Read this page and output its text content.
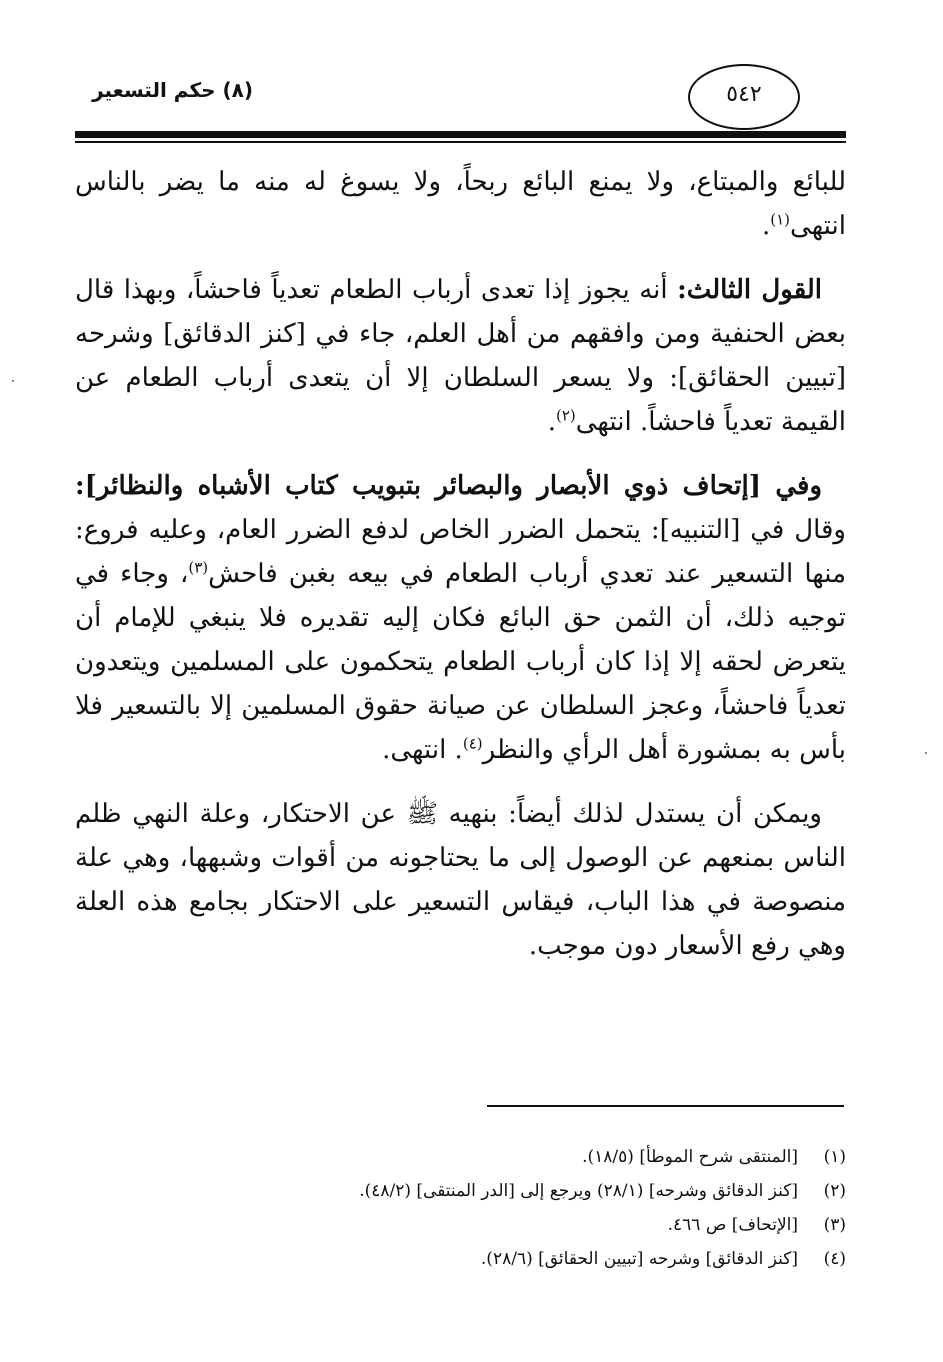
(٨) حكم التسعير	٥٤٢

للبائع والمبتاع، ولا يمنع البائع ربحاً، ولا يسوغ له منه ما يضر بالناس انتهى$^{(١)}$.

القول الثالث: أنه يجوز إذا تعدى أرباب الطعام تعدياً فاحشاً، وبهذا قال بعض الحنفية ومن وافقهم من أهل العلم، جاء في [كنز الدقائق] وشرحه [تبيين الحقائق]: ولا يسعر السلطان إلا أن يتعدى أرباب الطعام عن القيمة تعدياً فاحشاً. انتهى$^{(٢)}$.

وفي [إتحاف ذوي الأبصار والبصائر بتبويب كتاب الأشباه والنظائر]: وقال في [التنبيه]: يتحمل الضرر الخاص لدفع الضرر العام، وعليه فروع: منها التسعير عند تعدي أرباب الطعام في بيعه بغبن فاحش$^{(٣)}$، وجاء في توجيه ذلك، أن الثمن حق البائع فكان إليه تقديره فلا ينبغي للإمام أن يتعرض لحقه إلا إذا كان أرباب الطعام يتحكمون على المسلمين ويتعدون تعدياً فاحشاً، وعجز السلطان عن صيانة حقوق المسلمين إلا بالتسعير فلا بأس به بمشورة أهل الرأي والنظر$^{(٤)}$. انتهى.

ويمكن أن يستدل لذلك أيضاً: بنهيه ﷺ عن الاحتكار، وعلة النهي ظلم الناس بمنعهم عن الوصول إلى ما يحتاجونه من أقوات وشبهها، وهي علة منصوصة في هذا الباب، فيقاس التسعير على الاحتكار بجامع هذه العلة وهي رفع الأسعار دون موجب.

(١)
[المنتقى شرح الموطأ] (١٨/٥).
(٢)
[كنز الدقائق وشرحه] (٢٨/١) ويرجع إلى [الدر المنتقى] (٤٨/٢).
(٣)
[الإتحاف] ص ٤٦٦.
(٤)
[كنز الدقائق] وشرحه [تبيين الحقائق] (٢٨/٦).
